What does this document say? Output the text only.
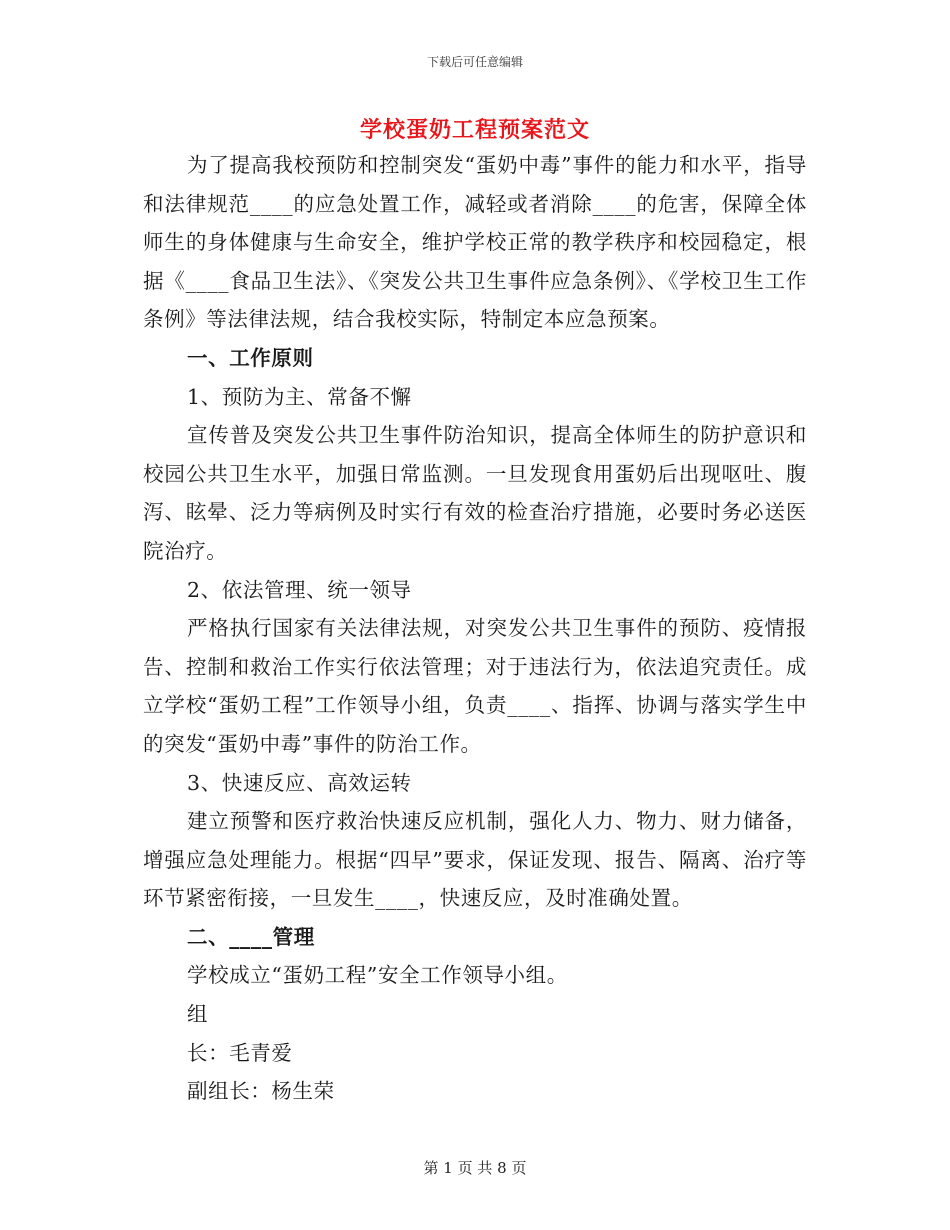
下载后可任意编辑
学校蛋奶工程预案范文

为了提高我校预防和控制突发“蛋奶中毒”事件的能力和水平，指导和法律规范____的应急处置工作，减轻或者消除____的危害，保障全体师生的身体健康与生命安全，维护学校正常的教学秩序和校园稳定，根据《____食品卫生法》、《突发公共卫生事件应急条例》、《学校卫生工作条例》等法律法规，结合我校实际，特制定本应急预案。

一、工作原则

1、预防为主、常备不懈

宣传普及突发公共卫生事件防治知识，提高全体师生的防护意识和校园公共卫生水平，加强日常监测。一旦发现食用蛋奶后出现呕吐、腹泻、眩晕、泛力等病例及时实行有效的检查治疗措施，必要时务必送医院治疗。

2、依法管理、统一领导

严格执行国家有关法律法规，对突发公共卫生事件的预防、疫情报告、控制和救治工作实行依法管理；对于违法行为，依法追究责任。成立学校“蛋奶工程”工作领导小组，负责____、指挥、协调与落实学生中的突发“蛋奶中毒”事件的防治工作。

3、快速反应、高效运转

建立预警和医疗救治快速反应机制，强化人力、物力、财力储备，增强应急处理能力。根据“四早”要求，保证发现、报告、隔离、治疗等环节紧密衔接，一旦发生____，快速反应，及时准确处置。

二、____管理

学校成立“蛋奶工程”安全工作领导小组。

组

长：毛青爱

副组长：杨生荣

第 1 页 共 8 页
